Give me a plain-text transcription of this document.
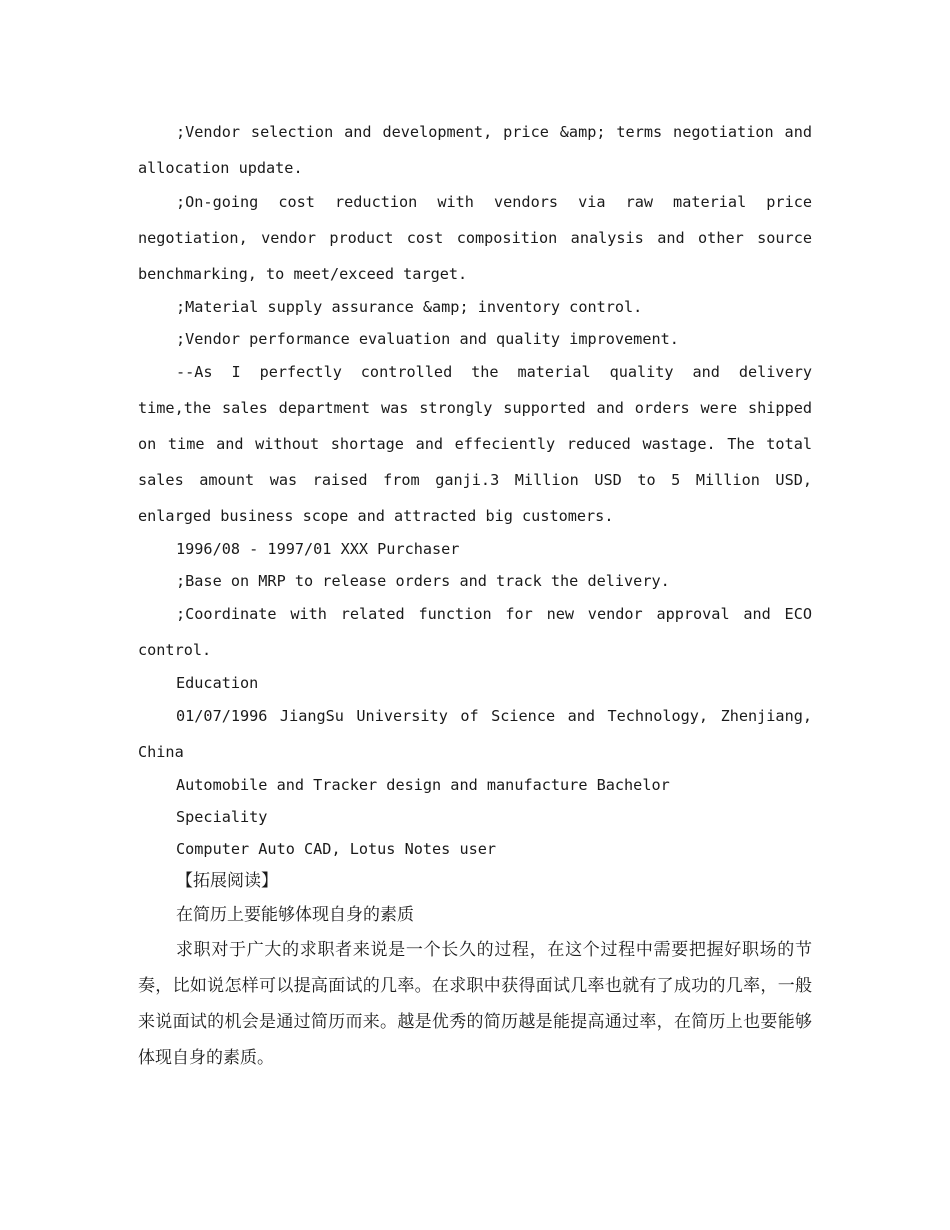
;Vendor selection and development, price &amp; terms negotiation and allocation update.

;On-going cost reduction with vendors via raw material price negotiation, vendor product cost composition analysis and other source benchmarking, to meet/exceed target.

;Material supply assurance &amp; inventory control.

;Vendor performance evaluation and quality improvement.

--As I perfectly controlled the material quality and delivery time,the sales department was strongly supported and orders were shipped on time and without shortage and effeciently reduced wastage. The total sales amount was raised from ganji.3 Million USD to 5 Million USD, enlarged business scope and attracted big customers.

1996/08 - 1997/01 XXX Purchaser

;Base on MRP to release orders and track the delivery.

;Coordinate with related function for new vendor approval and ECO control.

Education

01/07/1996 JiangSu University of Science and Technology, Zhenjiang, China

Automobile and Tracker design and manufacture Bachelor

Speciality

Computer Auto CAD, Lotus Notes user

【拓展阅读】

在简历上要能够体现自身的素质

求职对于广大的求职者来说是一个长久的过程，在这个过程中需要把握好职场的节奏，比如说怎样可以提高面试的几率。在求职中获得面试几率也就有了成功的几率，一般来说面试的机会是通过简历而来。越是优秀的简历越是能提高通过率，在简历上也要能够体现自身的素质。
